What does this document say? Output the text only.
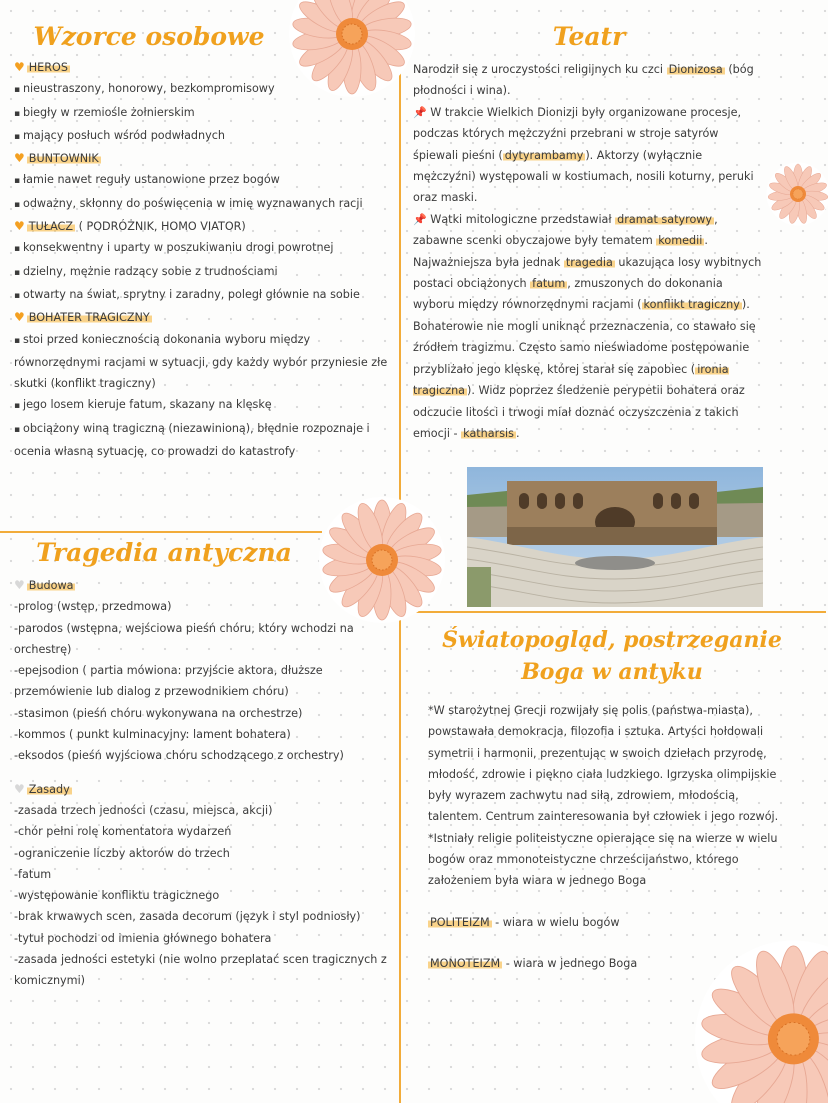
Wzorce osobowe
♥ HEROS
▪ nieustraszony, honorowy, bezkompromisowy
▪ biegły w rzemiośle żołnierskim
▪ mający posłuch wśród podwładnych
♥ BUNTOWNIK
▪ łamie nawet reguły ustanowione przez bogów
▪ odważny, skłonny do poświęcenia w imię wyznawanych racji
♥ TUŁACZ ( PODRÓŻNIK, HOMO VIATOR)
▪ konsekwentny i uparty w poszukiwaniu drogi powrotnej
▪ dzielny, mężnie radzący sobie z trudnościami
▪ otwarty na świat, sprytny i zaradny, poległ głównie na sobie
♥ BOHATER TRAGICZNY
▪ stoi przed koniecznością dokonania wyboru między równorzędnymi racjami w sytuacji, gdy każdy wybór przyniesie złe skutki (konflikt tragiczny)
▪ jego losem kieruje fatum, skazany na klęskę
▪ obciążony winą tragiczną (niezawinioną), błędnie rozpoznaje i ocenia własną sytuację, co prowadzi do katastrofy
Teatr

Narodził się z uroczystości religijnych ku czci Dionizosa (bóg płodności i wina).

📌 W trakcie Wielkich Dionizji były organizowane procesje, podczas których mężczyźni przebrani w stroje satyrów śpiewali pieśni ( dytyrambamy ). Aktorzy (wyłącznie mężczyźni) występowali w kostiumach, nosili koturny, peruki oraz maski.

📌 Wątki mitologiczne przedstawiał dramat satyrowy , zabawne scenki obyczajowe były tematem komedii . Najważniejsza była jednak tragedia ukazująca losy wybitnych postaci obciążonych fatum , zmuszonych do dokonania wyboru między równorzędnymi racjami ( konflikt tragiczny ). Bohaterowie nie mogli uniknąć przeznaczenia, co stawało się źródłem tragizmu. Często samo nieświadome postępowanie przybliżało jego klęskę, której starał się zapobiec ( ironia tragiczna ). Widz poprzez śledzenie perypetii bohatera oraz odczucie litości i trwogi miał doznać oczyszczenia z takich emocji - katharsis .

Tragedia antyczna
♥ Budowa
-prolog (wstęp, przedmowa)
-parodos (wstępna, wejściowa pieśń chóru, który wchodzi na orchestrę)
-epejsodion ( partia mówiona: przyjście aktora, dłuższe przemówienie lub dialog z przewodnikiem chóru)
-stasimon (pieśń chóru wykonywana na orchestrze)
-kommos ( punkt kulminacyjny: lament bohatera)
-eksodos (pieśń wyjściowa chóru schodzącego z orchestry)
♥ Zasady
-zasada trzech jedności (czasu, miejsca, akcji)
-chór pełni rolę komentatora wydarzeń
-ograniczenie liczby aktorów do trzech
-fatum
-występowanie konfliktu tragicznego
-brak krwawych scen, zasada decorum (język i styl podniosły)
-tytuł pochodzi od imienia głównego bohatera
-zasada jedności estetyki (nie wolno przeplatać scen tragicznych z komicznymi)
Światopogląd, postrzeganie Boga w antyku

*W starożytnej Grecji rozwijały się polis (państwa-miasta), powstawała demokracja, filozofia i sztuka. Artyści hołdowali symetrii i harmonii, prezentując w swoich dziełach przyrodę, młodość, zdrowie i piękno ciała ludzkiego. Igrzyska olimpijskie były wyrazem zachwytu nad siłą, zdrowiem, młodością, talentem. Centrum zainteresowania był człowiek i jego rozwój.

*Istniały religie politeistyczne opierające się na wierze w wielu bogów oraz mmonoteistyczne chrześcijaństwo, którego założeniem była wiara w jednego Boga

POLITEIZM - wiara w wielu bogów

MONOTEIZM - wiara w jednego Boga
